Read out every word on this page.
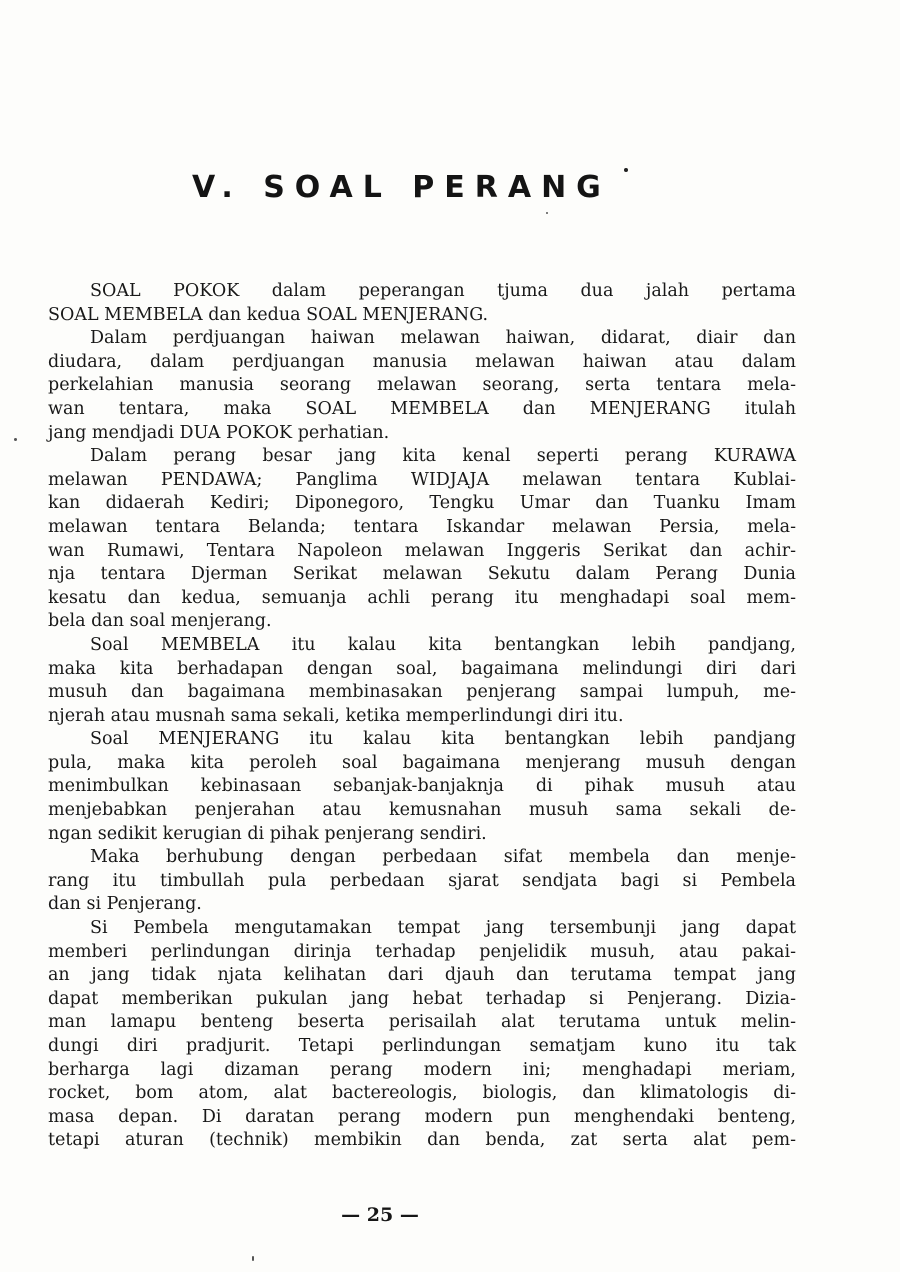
V. SOAL PERANG
SOAL POKOK dalam peperangan tjuma dua jalah pertama
SOAL MEMBELA dan kedua SOAL MENJERANG.
Dalam perdjuangan haiwan melawan haiwan, didarat, diair dan
diudara, dalam perdjuangan manusia melawan haiwan atau dalam
perkelahian manusia seorang melawan seorang, serta tentara mela-
wan tentara, maka SOAL MEMBELA dan MENJERANG itulah
jang mendjadi DUA POKOK perhatian.
Dalam perang besar jang kita kenal seperti perang KURAWA
melawan PENDAWA; Panglima WIDJAJA melawan tentara Kublai-
kan didaerah Kediri; Diponegoro, Tengku Umar dan Tuanku Imam
melawan tentara Belanda; tentara Iskandar melawan Persia, mela-
wan Rumawi, Tentara Napoleon melawan Inggeris Serikat dan achir-
nja tentara Djerman Serikat melawan Sekutu dalam Perang Dunia
kesatu dan kedua, semuanja achli perang itu menghadapi soal mem-
bela dan soal menjerang.
Soal MEMBELA itu kalau kita bentangkan lebih pandjang,
maka kita berhadapan dengan soal, bagaimana melindungi diri dari
musuh dan bagaimana membinasakan penjerang sampai lumpuh, me-
njerah atau musnah sama sekali, ketika memperlindungi diri itu.
Soal MENJERANG itu kalau kita bentangkan lebih pandjang
pula, maka kita peroleh soal bagaimana menjerang musuh dengan
menimbulkan kebinasaan sebanjak-banjaknja di pihak musuh atau
menjebabkan penjerahan atau kemusnahan musuh sama sekali de-
ngan sedikit kerugian di pihak penjerang sendiri.
Maka berhubung dengan perbedaan sifat membela dan menje-
rang itu timbullah pula perbedaan sjarat sendjata bagi si Pembela
dan si Penjerang.
Si Pembela mengutamakan tempat jang tersembunji jang dapat
memberi perlindungan dirinja terhadap penjelidik musuh, atau pakai-
an jang tidak njata kelihatan dari djauh dan terutama tempat jang
dapat memberikan pukulan jang hebat terhadap si Penjerang. Dizia-
man lamapu benteng beserta perisailah alat terutama untuk melin-
dungi diri pradjurit. Tetapi perlindungan sematjam kuno itu tak
berharga lagi dizaman perang modern ini; menghadapi meriam,
rocket, bom atom, alat bactereologis, biologis, dan klimatologis di-
masa depan. Di daratan perang modern pun menghendaki benteng,
tetapi aturan (technik) membikin dan benda, zat serta alat pem-
— 25 —
